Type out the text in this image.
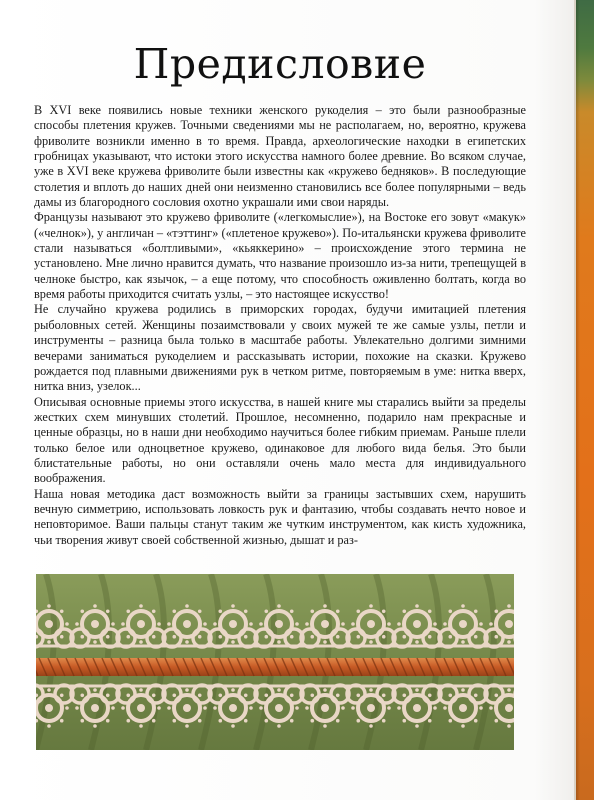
Предисловие

В XVI веке появились новые техники женского рукоделия – это были разнообразные способы плетения кружев. Точными сведениями мы не располагаем, но, вероятно, кружева фриволите возникли именно в то время. Правда, археологические находки в египетских гробницах указывают, что истоки этого искусства намного более древние. Во всяком случае, уже в XVI веке кружева фриволите были известны как «кружево бедняков». В последующие столетия и вплоть до наших дней они неизменно становились все более популярными – ведь дамы из благородного сословия охотно украшали ими свои наряды.

Французы называют это кружево фриволите («легкомыслие»), на Востоке его зовут «макук» («челнок»), у англичан – «тэттинг» («плетеное кружево»). По-итальянски кружева фриволите стали называться «болтливыми», «кьяккерино» – происхождение этого термина не установлено. Мне лично нравится думать, что название произошло из-за нити, трепещущей в челноке быстро, как язычок, – а еще потому, что способность оживленно болтать, когда во время работы приходится считать узлы, – это настоящее искусство!

Не случайно кружева родились в приморских городах, будучи имитацией плетения рыболовных сетей. Женщины позаимствовали у своих мужей те же самые узлы, петли и инструменты – разница была только в масштабе работы. Увлекательно долгими зимними вечерами заниматься рукоделием и рассказывать истории, похожие на сказки. Кружево рождается под плавными движениями рук в четком ритме, повторяемым в уме: нитка вверх, нитка вниз, узелок...

Описывая основные приемы этого искусства, в нашей книге мы старались выйти за пределы жестких схем минувших столетий. Прошлое, несомненно, подарило нам прекрасные и ценные образцы, но в наши дни необходимо научиться более гибким приемам. Раньше плели только белое или одноцветное кружево, одинаковое для любого вида белья. Это были блистательные работы, но они оставляли очень мало места для индивидуального воображения.

Наша новая методика даст возможность выйти за границы застывших схем, нарушить вечную симметрию, использовать ловкость рук и фантазию, чтобы создавать нечто новое и неповторимое. Ваши пальцы станут таким же чутким инструментом, как кисть художника, чьи творения живут своей собственной жизнью, дышат и раз-
